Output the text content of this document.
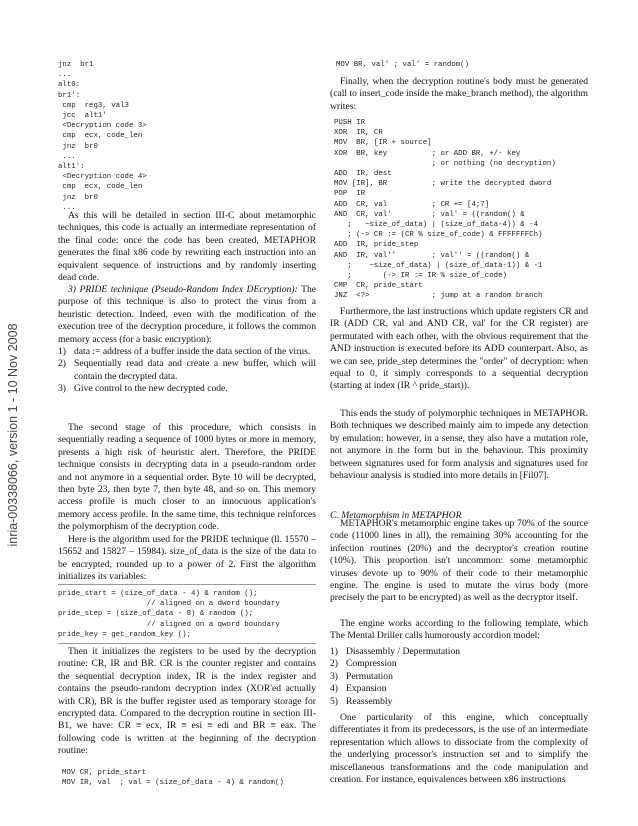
inria-00338066, version 1 - 10 Nov 2008
jnz  br1
...
alt0:
br1':
cmp  reg3, val3
jcc  alt1'
<Decryption code 3>
cmp  ecx, code_len
jnz  br0
...
alt1':
<Decryption code 4>
cmp  ecx, code_len
jnz  br0
...

As this will be detailed in section III-C about metamorphic techniques, this code is actually an intermediate representation of the final code: once the code has been created, METAPHOR generates the final x86 code by rewriting each instruction into an equivalent sequence of instructions and by randomly inserting dead code.

3) PRIDE technique (Pseudo-Random Index DEcryption): The purpose of this technique is also to protect the virus from a heuristic detection. Indeed, even with the modification of the execution tree of the decryption procedure, it follows the common memory access (for a basic encryption):

1) data := address of a buffer inside the data section of the virus.
2) Sequentially read data and create a new buffer, which will contain the decrypted data.
3) Give control to the new decrypted code.

The second stage of this procedure, which consists in sequentially reading a sequence of 1000 bytes or more in memory, presents a high risk of heuristic alert. Therefore, the PRIDE technique consists in decrypting data in a pseudo-random order and not anymore in a sequential order. Byte 10 will be decrypted, then byte 23, then byte 7, then byte 48, and so on. This memory access profile is much closer to an innocuous application's memory access profile. In the same time, this technique reinforces the polymorphism of the decryption code.

Here is the algorithm used for the PRIDE technique (ll. 15570 – 15652 and 15827 – 15984). size_of_data is the size of the data to be encrypted, rounded up to a power of 2. First the algorithm initializes its variables:

pride_start = (size_of_data - 4) & random ();
// aligned on a dword boundary
pride_step = (size_of_data - 8) & random ();
// aligned on a qword boundary
pride_key = get_random_key ();

Then it initializes the registers to be used by the decryption routine: CR, IR and BR. CR is the counter register and contains the sequential decryption index, IR is the index register and contains the pseudo-random decryption index (XOR'ed actually with CR), BR is the buffer register used as temporary storage for encrypted data. Compared to the decryption routine in section III-B1, we have: CR ≡ ecx, IR ≡ esi ≡ edi and BR ≡ eax. The following code is written at the beginning of the decryption routine:

MOV CR, pride_start
MOV IR, val  ; val = (size_of_data - 4) & random()
MOV BR, val' ; val' = random()

Finally, when the decryption routine's body must be generated (call to insert_code inside the make_branch method), the algorithm writes:

PUSH IR
XOR  IR, CR
MOV  BR, [IR + source]
XOR  BR, key          ; or ADD BR, +/- key
; or nothing (no decryption)
ADD  IR, dest
MOV [IR], BR          ; write the decrypted dword
POP  IR
ADD  CR, val          ; CR += [4;7]
AND  CR, val'         ; val' = ((random() &
;   ~size_of_data) | (size_of_data-4)) & -4
; (-> CR := (CR % size_of_code) & FFFFFFFCh)
ADD  IR, pride_step
AND  IR, val''        ; val'' = ((random() &
;    ~size_of_data) | (size_of_data-1)) & -1
;       (-> IR := IR % size_of_code)
CMP  CR, pride_start
JNZ  <?>              ; jump at a random branch

Furthermore, the last instructions which update registers CR and IR (ADD CR, val and AND CR, val' for the CR register) are permutated with each other, with the obvious requirement that the AND instruction is executed before its ADD counterpart. Also, as we can see, pride_step determines the "order" of decryption: when equal to 0, it simply corresponds to a sequential decryption (starting at index (IR ^ pride_start)).

This ends the study of polymorphic techniques in METAPHOR. Both techniques we described mainly aim to impede any detection by emulation: however, in a sense, they also have a mutation role, not anymore in the form but in the behaviour. This proximity between signatures used for form analysis and signatures used for behaviour analysis is studied into more details in [Fil07].

C. Metamorphism in METAPHOR

METAPHOR's metamorphic engine takes up 70% of the source code (11000 lines in all), the remaining 30% accounting for the infection routines (20%) and the decryptor's creation routine (10%). This proportion isn't uncommon: some metamorphic viruses devote up to 90% of their code to their metamorphic engine. The engine is used to mutate the virus body (more precisely the part to be encrypted) as well as the decryptor itself.

The engine works according to the following template, which The Mental Driller calls humorously accordion model:

1) Disassembly / Depermutation
2) Compression
3) Permutation
4) Expansion
5) Reassembly

One particularity of this engine, which conceptually differentiates it from its predecessors, is the use of an intermediate representation which allows to dissociate from the complexity of the underlying processor's instruction set and to simplify the miscellaneous transformations and the code manipulation and creation. For instance, equivalences between x86 instructions
